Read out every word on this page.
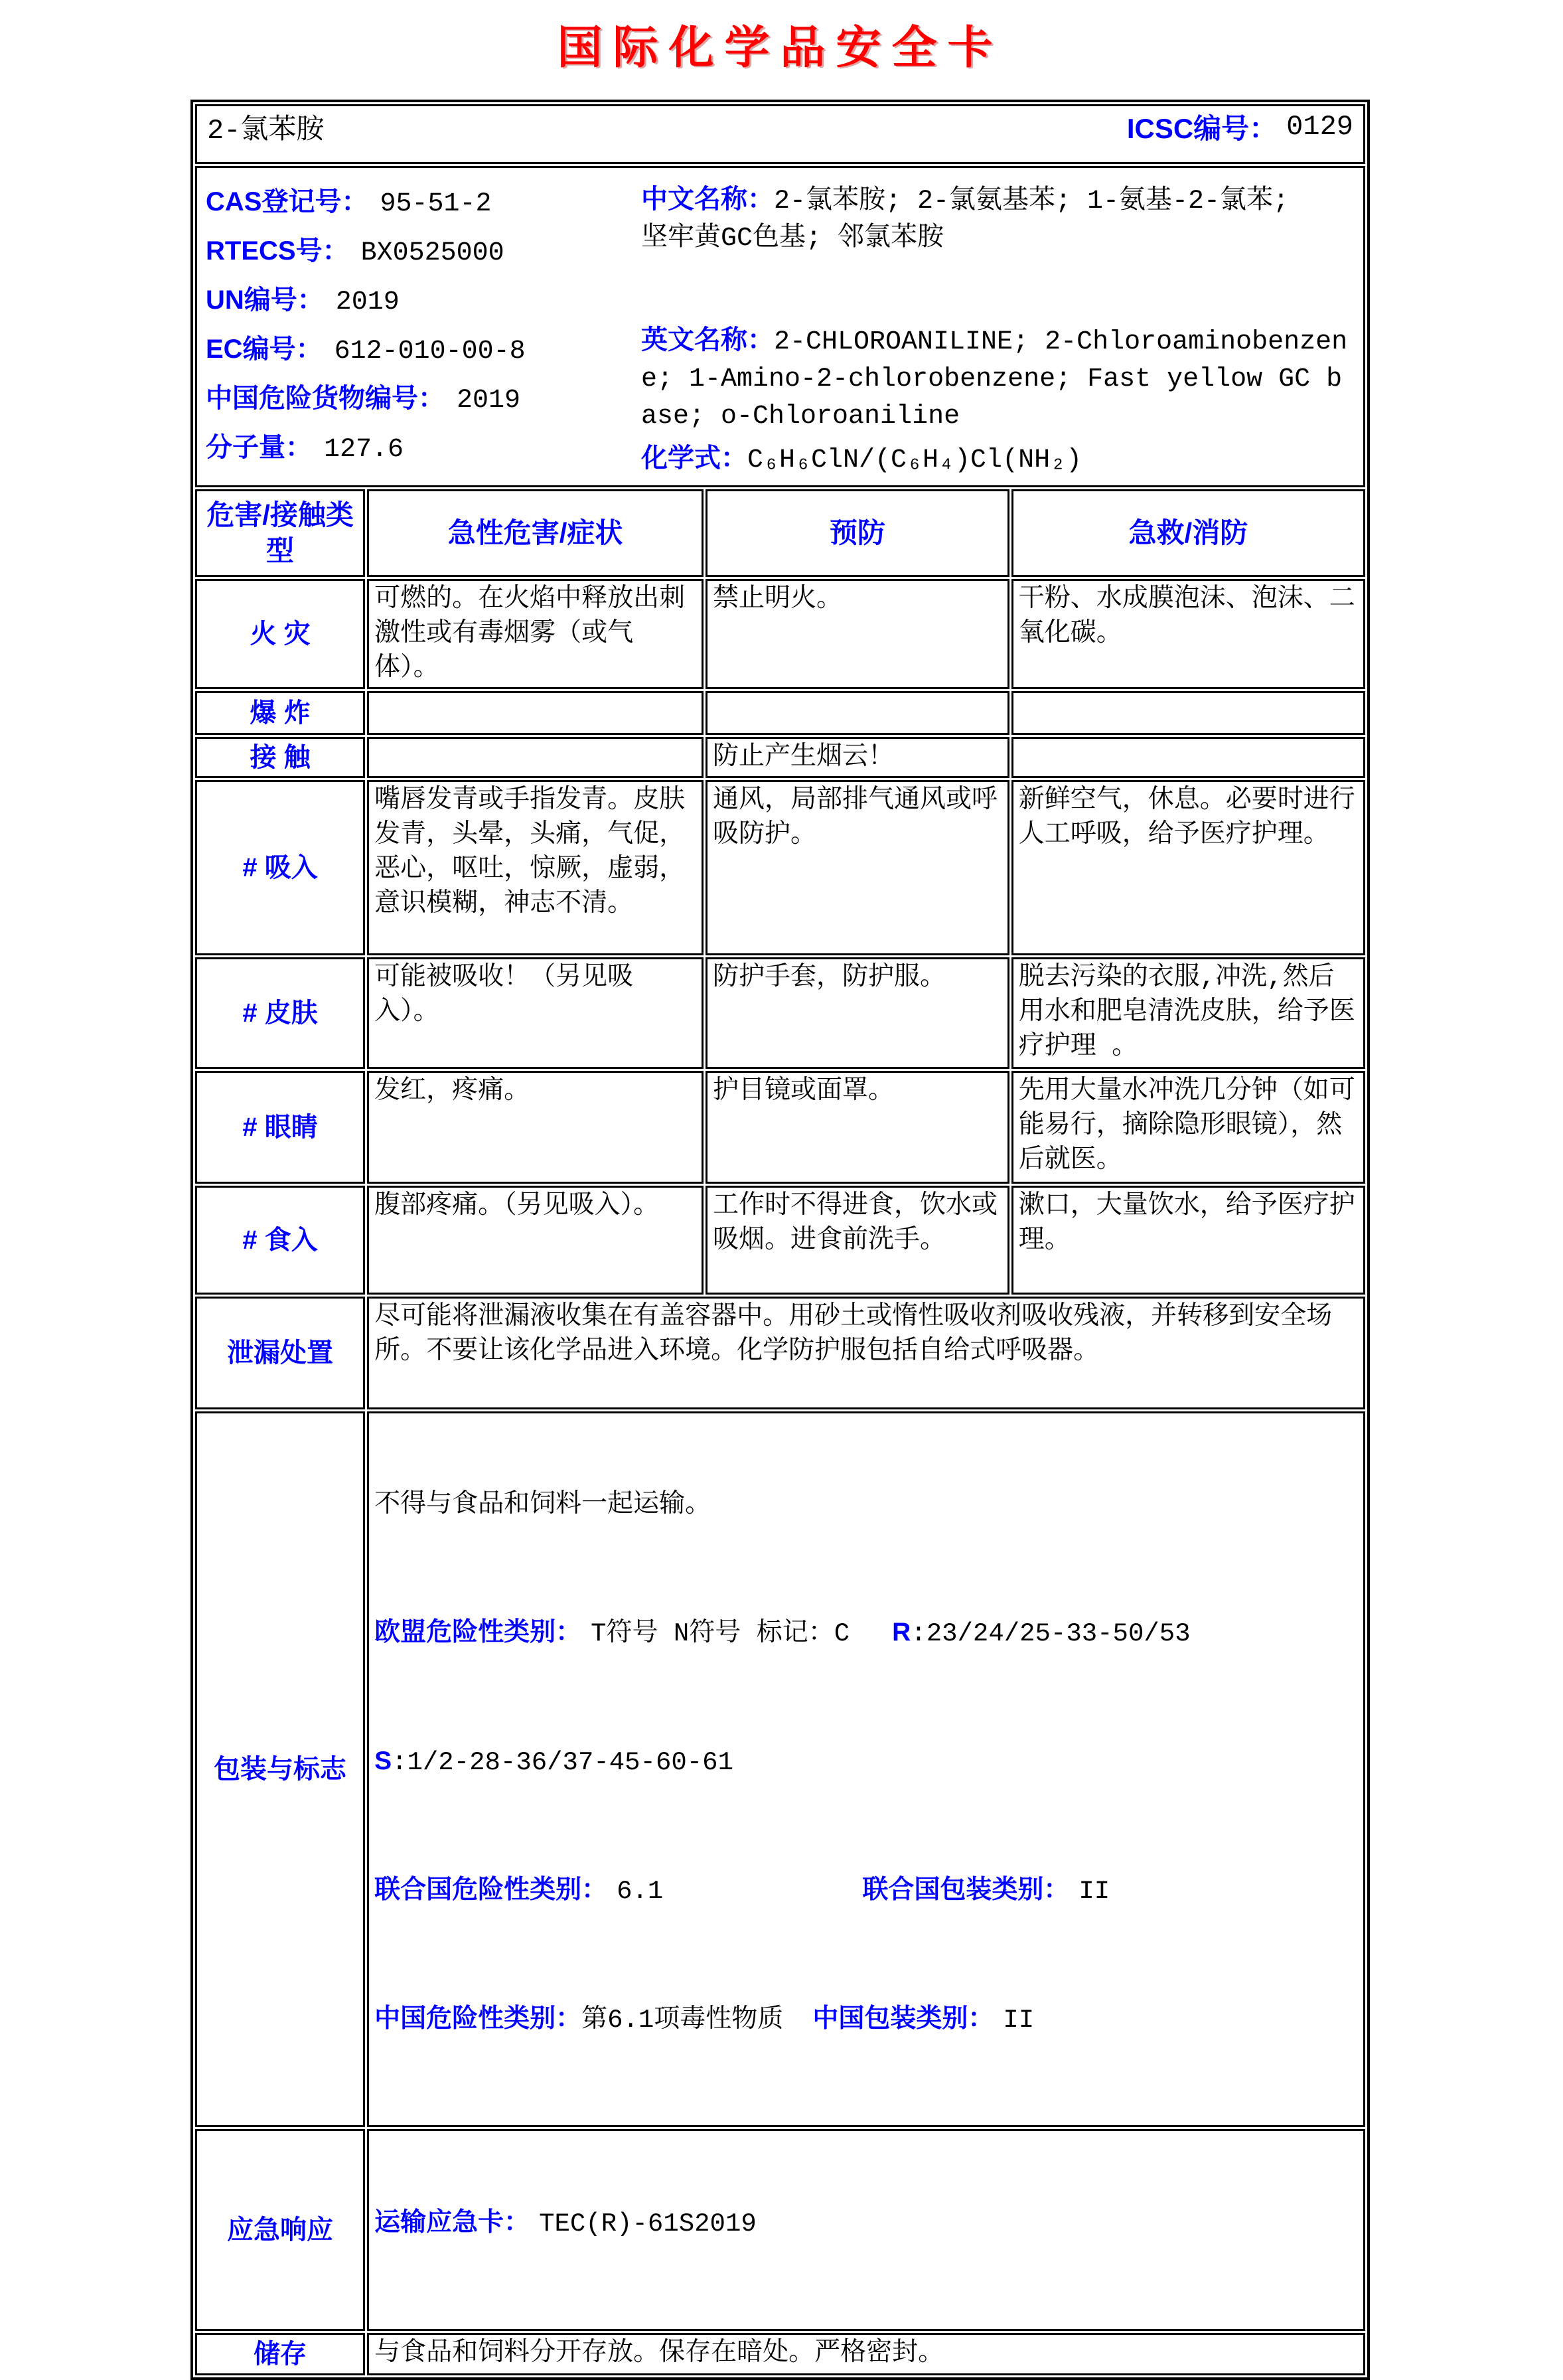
国际化学品安全卡
2-氯苯胺 ICSC编号： 0129			

CAS登记号： 95-51-2
RTECS号： BX0525000
UN编号： 2019
EC编号： 612-010-00-8
中国危险货物编号： 2019
分子量： 127.6

中文名称：2-氯苯胺; 2-氯氨基苯; 1-氨基-2-氯苯;   坚牢黄GC色基; 邻氯苯胺

英文名称：2-CHLOROANILINE; 2-Chloroaminobenzene; 1-Amino-2-chlorobenzene; Fast yellow GC base; o-Chloroaniline

化学式：C₆H₆ClN/(C₆H₄)Cl(NH₂)

危害/接触类型	急性危害/症状	预防	急救/消防
火 灾	可燃的。在火焰中释放出刺激性或有毒烟雾（或气体）。	禁止明火。	干粉、水成膜泡沫、泡沫、二氧化碳。
爆 炸			
接 触		防止产生烟云！	
# 吸入	嘴唇发青或手指发青。皮肤发青，头晕，头痛，气促，恶心，呕吐，惊厥，虚弱，意识模糊，神志不清。	通风，局部排气通风或呼吸防护。	新鲜空气，休息。必要时进行人工呼吸，给予医疗护理。
# 皮肤	可能被吸收！（另见吸入）。	防护手套，防护服。	脱去污染的衣服,冲洗,然后用水和肥皂清洗皮肤，给予医疗护理 。
# 眼睛	发红，疼痛。	护目镜或面罩。	先用大量水冲洗几分钟（如可能易行，摘除隐形眼镜），然后就医。
# 食入	腹部疼痛。（另见吸入）。	工作时不得进食，饮水或吸烟。进食前洗手。	漱口，大量饮水，给予医疗护理。
泄漏处置	尽可能将泄漏液收集在有盖容器中。用砂土或惰性吸收剂吸收残液，并转移到安全场所。不要让该化学品进入环境。化学防护服包括自给式呼吸器。		
包装与标志	不得与食品和饲料一起运输。

欧盟危险性类别： T符号 N符号 标记：C R:23/24/25-33-50/53

S:1/2-28-36/37-45-60-61

联合国危险性类别： 6.1 联合国包装类别： II

中国危险性类别：第6.1项毒性物质 中国包装类别： II		

应急响应	运输应急卡： TEC(R)-61S2019		

储存	与食品和饲料分开存放。保存在暗处。严格密封。		
